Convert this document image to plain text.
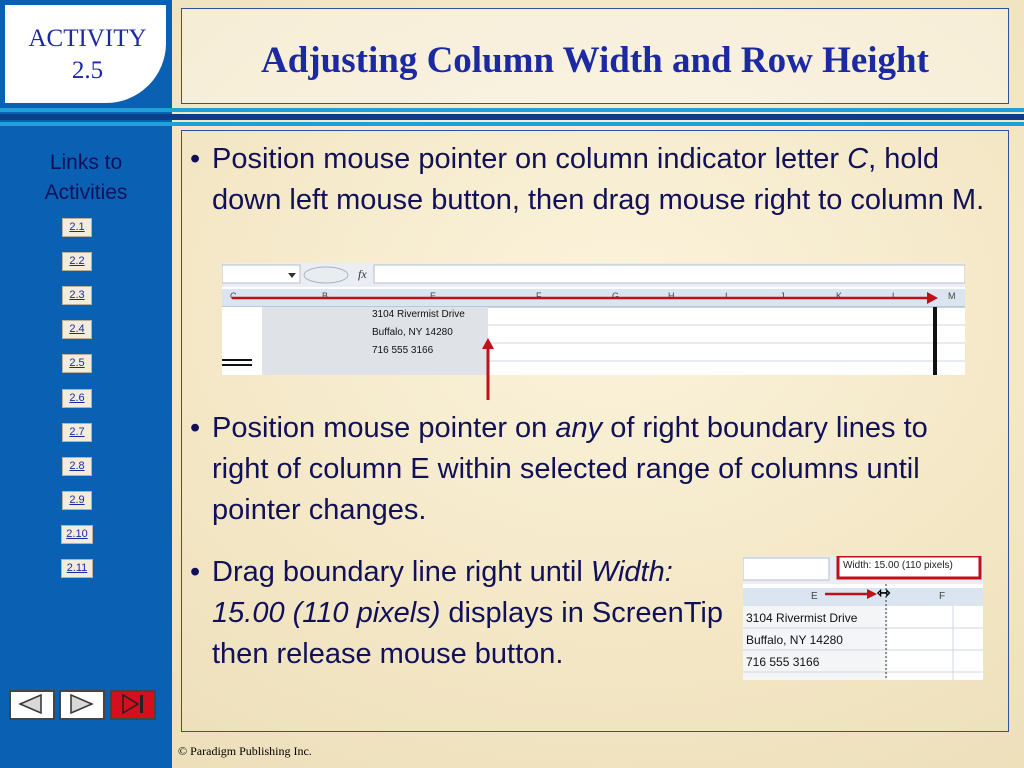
ACTIVITY
2.5	Adjusting Column Width and Row Height
Links to Activities
2.1
2.2
2.3
2.4
2.5
2.6
2.7
2.8
2.9
2.10
2.11
• Position mouse pointer on column indicator letter C, hold down left mouse button, then drag mouse right to column M.
• Position mouse pointer on any of right boundary lines to right of column E within selected range of columns until pointer changes.
• Drag boundary line right until Width: 15.00 (110 pixels) displays in ScreenTip then release mouse button.
fx
C	B	E	F	G	H	I	J	K	L	M
3104 Rivermist Drive
Buffalo, NY 14280
716 555 3166
Width: 15.00 (110 pixels)
E	F
3104 Rivermist Drive
Buffalo, NY 14280
716 555 3166
⇿
© Paradigm Publishing Inc.
